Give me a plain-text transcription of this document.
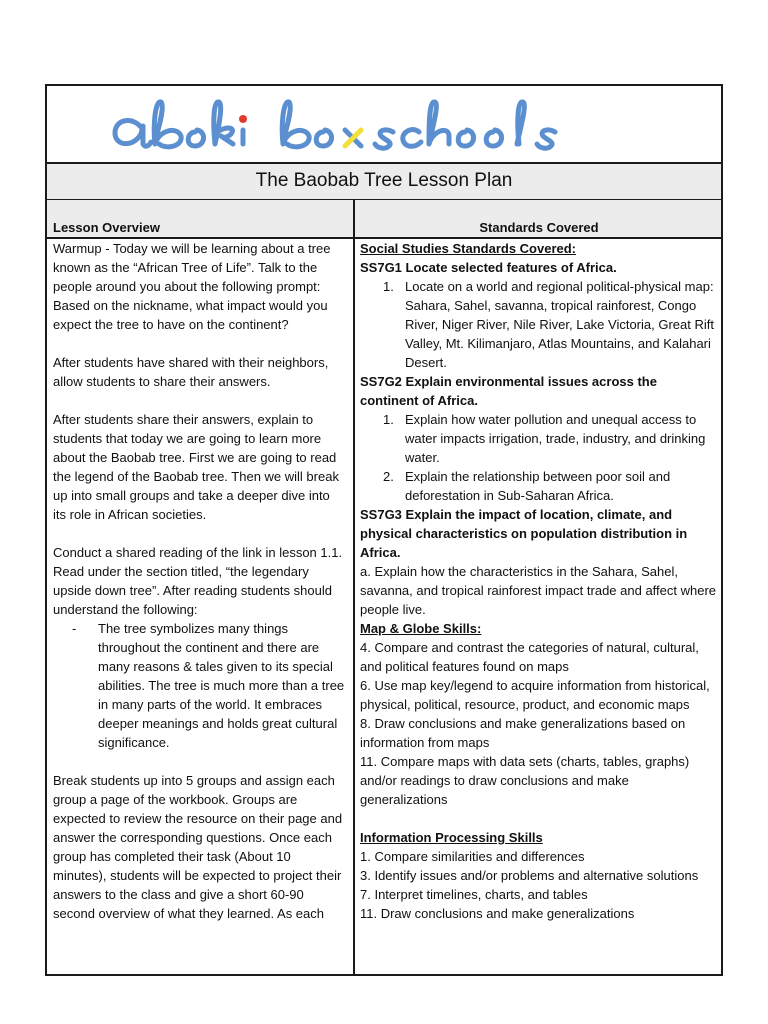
The Baobab Tree Lesson Plan
Lesson Overview	Standards Covered

Warmup - Today we will be learning about a tree known as the “African Tree of Life”. Talk to the people around you about the following prompt: Based on the nickname, what impact would you expect the tree to have on the continent?

After students have shared with their neighbors, allow students to share their answers.

After students share their answers, explain to students that today we are going to learn more about the Baobab tree. First we are going to read the legend of the Baobab tree. Then we will break up into small groups and take a deeper dive into its role in African societies.

Conduct a shared reading of the link in lesson 1.1. Read under the section titled, “the legendary upside down tree”. After reading students should understand the following:

- The tree symbolizes many things throughout the continent and there are many reasons & tales given to its special abilities. The tree is much more than a tree in many parts of the world. It embraces deeper meanings and holds great cultural significance.

Break students up into 5 groups and assign each group a page of the workbook. Groups are expected to review the resource on their page and answer the corresponding questions. Once each group has completed their task (About 10 minutes), students will be expected to project their answers to the class and give a short 60-90 second overview of what they learned. As each

Social Studies Standards Covered:

SS7G1 Locate selected features of Africa.

1. Locate on a world and regional political-physical map: Sahara, Sahel, savanna, tropical rainforest, Congo River, Niger River, Nile River, Lake Victoria, Great Rift Valley, Mt. Kilimanjaro, Atlas Mountains, and Kalahari Desert.

SS7G2 Explain environmental issues across the continent of Africa.

1. Explain how water pollution and unequal access to water impacts irrigation, trade, industry, and drinking water.
2. Explain the relationship between poor soil and deforestation in Sub-Saharan Africa.

SS7G3 Explain the impact of location, climate, and physical characteristics on population distribution in Africa.

a. Explain how the characteristics in the Sahara, Sahel, savanna, and tropical rainforest impact trade and affect where people live.

Map & Globe Skills:

4. Compare and contrast the categories of natural, cultural, and political features found on maps

6. Use map key/legend to acquire information from historical, physical, political, resource, product, and economic maps

8. Draw conclusions and make generalizations based on information from maps

11. Compare maps with data sets (charts, tables, graphs) and/or readings to draw conclusions and make generalizations

Information Processing Skills

1. Compare similarities and differences

3. Identify issues and/or problems and alternative solutions

7. Interpret timelines, charts, and tables

11. Draw conclusions and make generalizations
